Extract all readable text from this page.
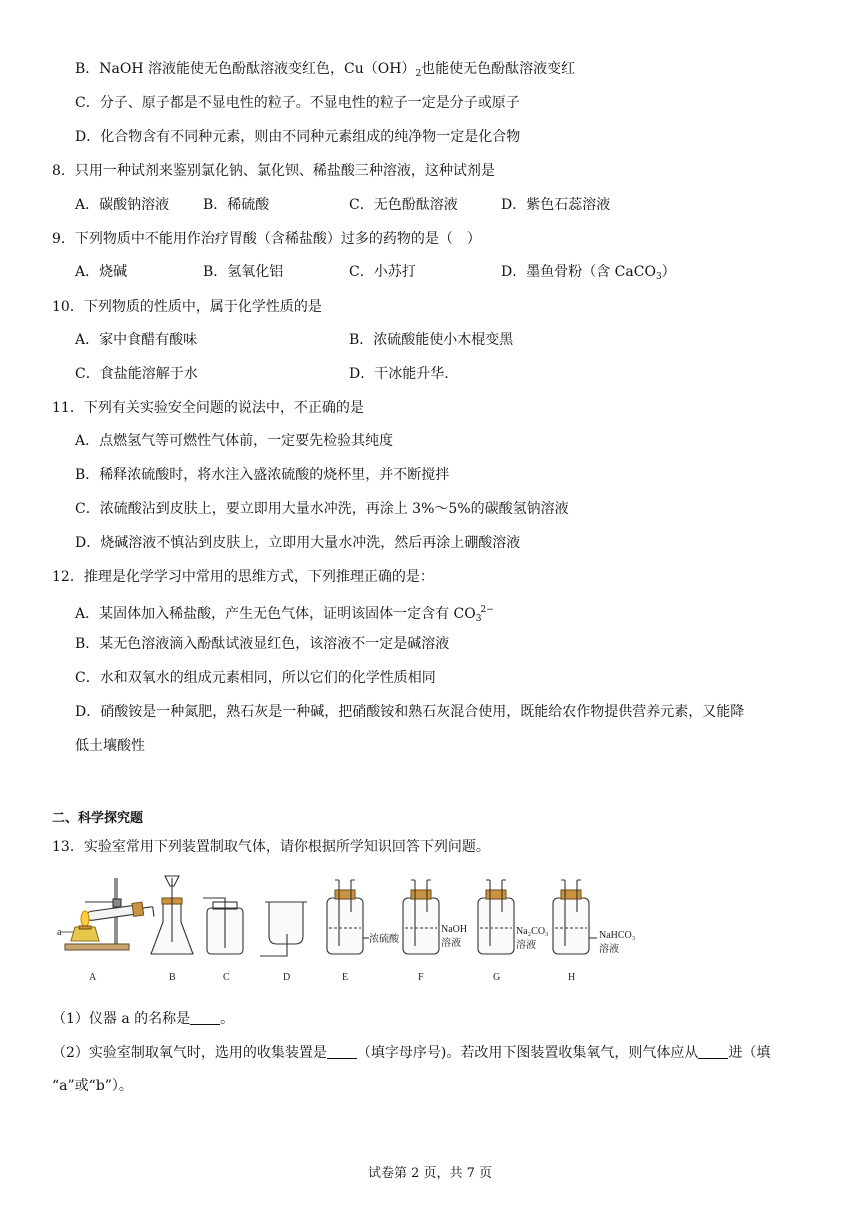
B．NaOH 溶液能使无色酚酞溶液变红色，$Cu(OH)_2$也能使无色酚酞溶液变红
C．分子、原子都是不显电性的粒子。不显电性的粒子一定是分子或原子
D．化合物含有不同种元素，则由不同种元素组成的纯净物一定是化合物
8．只用一种试剂来鉴别氯化钠、氯化钡、稀盐酸三种溶液，这种试剂是
A．碳酸钠溶液 B．稀硫酸	C．无色酚酞溶液	D．紫色石蕊溶液
9．下列物质中不能用作治疗胃酸（含稀盐酸）过多的药物的是（　）
A．烧碱	B．氢氧化铝	C．小苏打	D．墨鱼骨粉（含 CaCO$_3$）
10．下列物质的性质中，属于化学性质的是
A．家中食醋有酸味	B．浓硫酸能使小木棍变黑
C．食盐能溶解于水	D．干冰能升华.
11．下列有关实验安全问题的说法中，不正确的是
A．点燃氢气等可燃性气体前，一定要先检验其纯度
B．稀释浓硫酸时，将水注入盛浓硫酸的烧杯里，并不断搅拌
C．浓硫酸沾到皮肤上，要立即用大量水冲洗，再涂上 3%～5%的碳酸氢钠溶液
D．烧碱溶液不慎沾到皮肤上，立即用大量水冲洗，然后再涂上硼酸溶液
12．推理是化学学习中常用的思维方式，下列推理正确的是：
A．某固体加入稀盐酸，产生无色气体，证明该固体一定含有 $CO_3^{2-}$
B．某无色溶液滴入酚酞试液显红色，该溶液不一定是碱溶液
C．水和双氧水的组成元素相同，所以它们的化学性质相同
D．硝酸铵是一种氮肥，熟石灰是一种碱，把硝酸铵和熟石灰混合使用，既能给农作物提供营养元素，又能降
低土壤酸性
二、科学探究题
13．实验室常用下列装置制取气体，请你根据所学知识回答下列问题。
a
浓硫酸
NaOH
溶液
Na₂CO₃
溶液
NaHCO₃
溶液
A	B	C	D	E	F	G	H
（1）仪器 a 的名称是 。
（2）实验室制取氧气时，选用的收集装置是 （填字母序号)。若改用下图装置收集氧气，则气体应从 进（填
“a”或“b”）。
试卷第 2 页，共 7 页
